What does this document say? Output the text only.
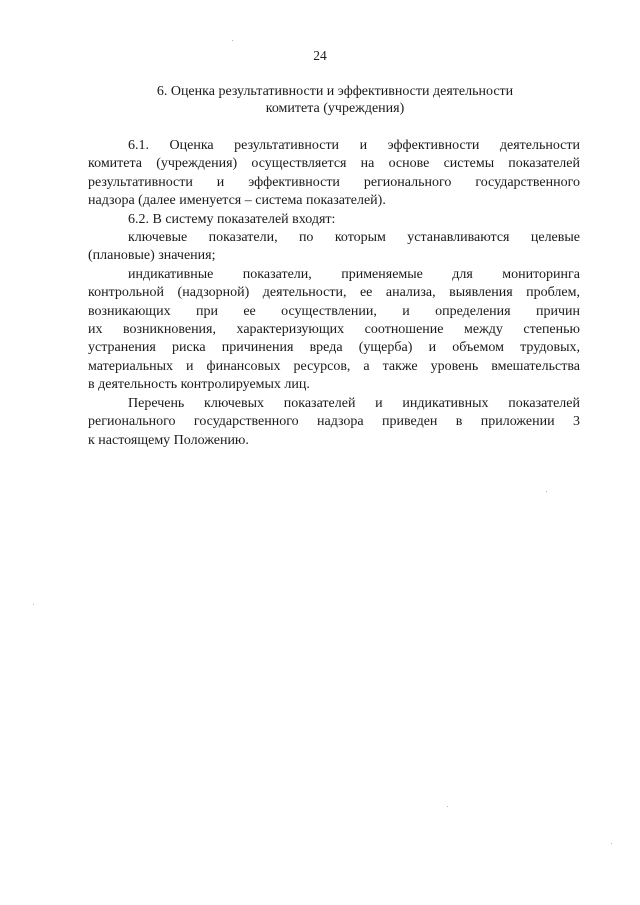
24
6. Оценка результативности и эффективности деятельности
комитета (учреждения)

6.1. Оценка результативности и эффективности деятельности
комитета (учреждения) осуществляется на основе системы показателей
результативности и эффективности регионального государственного
надзора (далее именуется – система показателей).

6.2. В систему показателей входят:

ключевые показатели, по которым устанавливаются целевые
(плановые) значения;

индикативные показатели, применяемые для мониторинга
контрольной (надзорной) деятельности, ее анализа, выявления проблем,
возникающих при ее осуществлении, и определения причин
их возникновения, характеризующих соотношение между степенью
устранения риска причинения вреда (ущерба) и объемом трудовых,
материальных и финансовых ресурсов, а также уровень вмешательства
в деятельность контролируемых лиц.

Перечень ключевых показателей и индикативных показателей
регионального государственного надзора приведен в приложении 3
к настоящему Положению.
